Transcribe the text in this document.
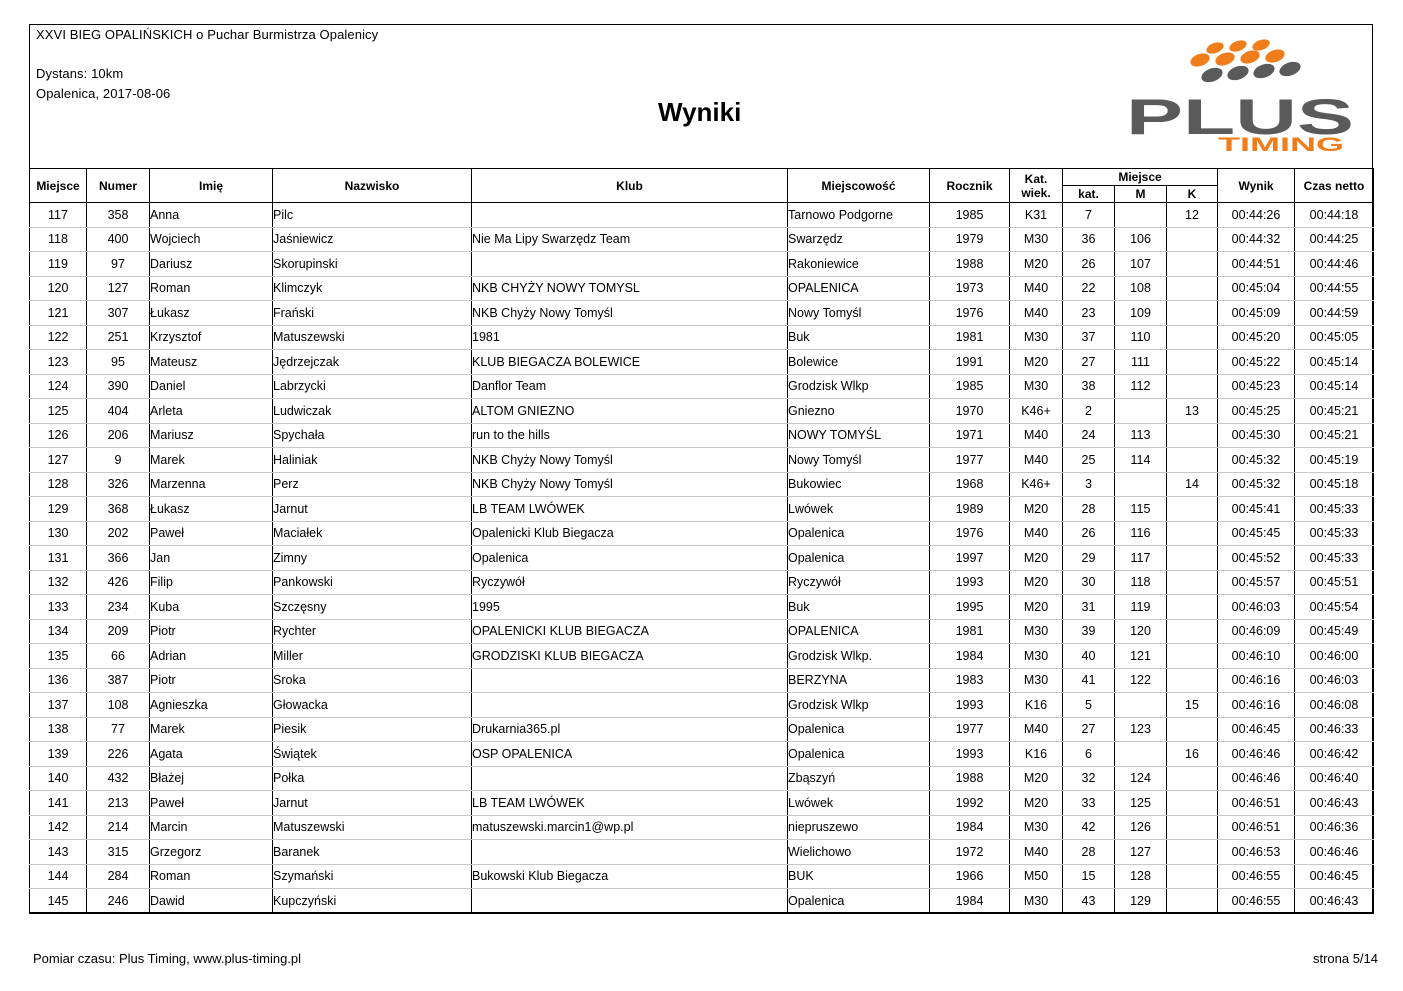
XXVI BIEG OPALIŃSKICH o Puchar Burmistrza Opalenicy
Dystans: 10km
Opalenica, 2017-08-06
Wyniki	PLUS
TIMING
Miejsce	Numer	Imię	Nazwisko	Klub	Miejscowość	Rocznik	Kat.
wiek.	Miejsce			Wynik	Czas netto
								kat.	M	K		
117	358	Anna	Pilc		Tarnowo Podgorne	1985	K31	7		12	00:44:26	00:44:18
118	400	Wojciech	Jaśniewicz	Nie Ma Lipy Swarzędz Team	Swarzędz	1979	M30	36	106		00:44:32	00:44:25
119	97	Dariusz	Skorupinski		Rakoniewice	1988	M20	26	107		00:44:51	00:44:46
120	127	Roman	Klimczyk	NKB CHYŻY NOWY TOMYSL	OPALENICA	1973	M40	22	108		00:45:04	00:44:55
121	307	Łukasz	Frański	NKB Chyży Nowy Tomyśl	Nowy Tomyśl	1976	M40	23	109		00:45:09	00:44:59
122	251	Krzysztof	Matuszewski	1981	Buk	1981	M30	37	110		00:45:20	00:45:05
123	95	Mateusz	Jędrzejczak	KLUB BIEGACZA BOLEWICE	Bolewice	1991	M20	27	111		00:45:22	00:45:14
124	390	Daniel	Labrzycki	Danflor Team	Grodzisk Wlkp	1985	M30	38	112		00:45:23	00:45:14
125	404	Arleta	Ludwiczak	ALTOM GNIEZNO	Gniezno	1970	K46+	2		13	00:45:25	00:45:21
126	206	Mariusz	Spychała	run to the hills	NOWY TOMYŚL	1971	M40	24	113		00:45:30	00:45:21
127	9	Marek	Haliniak	NKB Chyży Nowy Tomyśl	Nowy Tomyśl	1977	M40	25	114		00:45:32	00:45:19
128	326	Marzenna	Perz	NKB Chyży Nowy Tomyśl	Bukowiec	1968	K46+	3		14	00:45:32	00:45:18
129	368	Łukasz	Jarnut	LB TEAM LWÓWEK	Lwówek	1989	M20	28	115		00:45:41	00:45:33
130	202	Paweł	Maciałek	Opalenicki Klub Biegacza	Opalenica	1976	M40	26	116		00:45:45	00:45:33
131	366	Jan	Zimny	Opalenica	Opalenica	1997	M20	29	117		00:45:52	00:45:33
132	426	Filip	Pankowski	Ryczywół	Ryczywół	1993	M20	30	118		00:45:57	00:45:51
133	234	Kuba	Szczęsny	1995	Buk	1995	M20	31	119		00:46:03	00:45:54
134	209	Piotr	Rychter	OPALENICKI KLUB BIEGACZA	OPALENICA	1981	M30	39	120		00:46:09	00:45:49
135	66	Adrian	Miller	GRODZISKI KLUB BIEGACZA	Grodzisk Wlkp.	1984	M30	40	121		00:46:10	00:46:00
136	387	Piotr	Sroka		BERZYNA	1983	M30	41	122		00:46:16	00:46:03
137	108	Agnieszka	Głowacka		Grodzisk Wlkp	1993	K16	5		15	00:46:16	00:46:08
138	77	Marek	Piesik	Drukarnia365.pl	Opalenica	1977	M40	27	123		00:46:45	00:46:33
139	226	Agata	Świątek	OSP OPALENICA	Opalenica	1993	K16	6		16	00:46:46	00:46:42
140	432	Błażej	Połka		Zbąszyń	1988	M20	32	124		00:46:46	00:46:40
141	213	Paweł	Jarnut	LB TEAM LWÓWEK	Lwówek	1992	M20	33	125		00:46:51	00:46:43
142	214	Marcin	Matuszewski	matuszewski.marcin1@wp.pl	niepruszewo	1984	M30	42	126		00:46:51	00:46:36
143	315	Grzegorz	Baranek		Wielichowo	1972	M40	28	127		00:46:53	00:46:46
144	284	Roman	Szymański	Bukowski Klub Biegacza	BUK	1966	M50	15	128		00:46:55	00:46:45
145	246	Dawid	Kupczyński		Opalenica	1984	M30	43	129		00:46:55	00:46:43
Pomiar czasu: Plus Timing, www.plus-timing.pl	strona 5/14
